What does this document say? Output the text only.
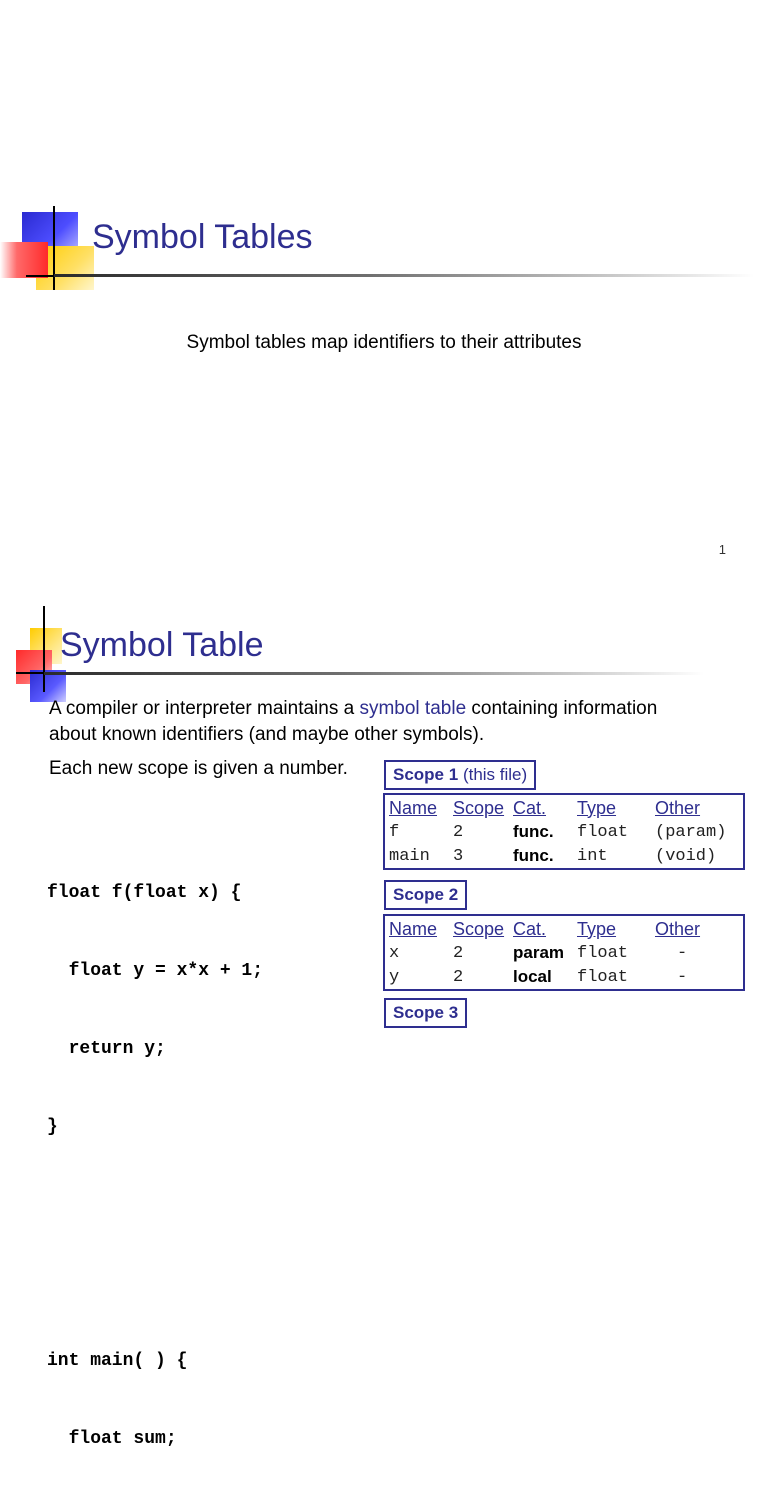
Symbol Tables
Symbol tables map identifiers to their attributes
1
Symbol Table
A compiler or interpreter maintains a symbol table containing information about known identifiers (and maybe other symbols).
Each new scope is given a number.

float f(float x) {

float y = x*x + 1;

return y;

}

int main( ) {

float sum;

Scope 1 (this file)
Name	Scope	Cat.	Type	Other
f	2	func.	float	(param)
main	3	func.	int	(void)
Scope 2
Name	Scope	Cat.	Type	Other
x	2	param	float	-
y	2	local	float	-
Scope 3
